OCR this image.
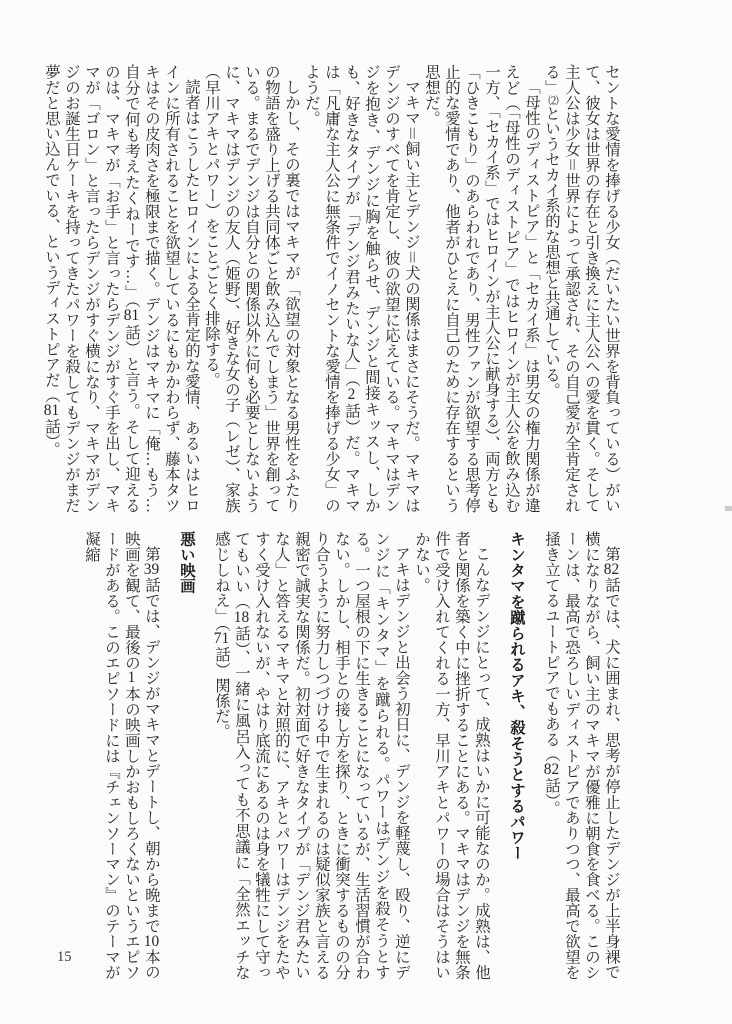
セントな愛情を捧げる少女（だいたい世界を背負っている）がいて、彼女は世界の存在と引き換えに主人公への愛を貫く。そして主人公は少女＝世界によって承認され、その自己愛が全肯定される」⑵というセカイ系的な思想と共通している。

「母性のディストピア」と「セカイ系」は男女の権力関係が違えど（「母性のディストピア」ではヒロインが主人公を飲み込む一方、「セカイ系」ではヒロインが主人公に献身する）、両方とも「ひきこもり」のあらわれであり、男性ファンが欲望する思考停止的な愛情であり、他者がひとえに自己のために存在するという思想だ。

マキマ＝飼い主とデンジ＝犬の関係はまさにそうだ。マキマはデンジのすべてを肯定し、彼の欲望に応えている。マキマはデンジを抱き、デンジに胸を触らせ、デンジと間接キッスし、しかも、好きなタイプが「デンジ君みたいな人」（2話）だ。マキマは「凡庸な主人公に無条件でイノセントな愛情を捧げる少女」のようだ。

しかし、その裏ではマキマが「欲望の対象となる男性をふたりの物語を盛り上げる共同体ごと飲み込んでしまう」世界を創っている。まるでデンジは自分との関係以外に何も必要としないように、マキマはデンジの友人（姫野）、好きな女の子（レゼ）、家族（早川アキとパワー）をことごとく排除する。

読者はこうしたヒロインによる全肯定的な愛情、あるいはヒロインに所有されることを欲望しているにもかかわらず、藤本タツキはその皮肉さを極限まで描く。デンジはマキマに「俺…もう…自分で何も考えたくねーです…」（81話）と言う。そして迎えるのは、マキマが「お手」と言ったらデンジがすぐ手を出し、マキマが「ゴロン」と言ったらデンジがすぐ横になり、マキマがデンジのお誕生日ケーキを持ってきたパワーを殺してもデンジがまだ夢だと思い込んでいる、というディストピアだ（81話）。

第82話では、犬に囲まれ、思考が停止したデンジが上半身裸で横になりながら、飼い主のマキマが優雅に朝食を食べる。このシーンは、最高で恐ろしいディストピアでありつつ、最高で欲望を掻き立てるユートピアでもある（82話）。

キンタマを蹴られるアキ、殺そうとするパワー

こんなデンジにとって、成熟はいかに可能なのか。成熟は、他者と関係を築く中に挫折することにある。マキマはデンジを無条件で受け入れてくれる一方、早川アキとパワーの場合はそうはいかない。

アキはデンジと出会う初日に、デンジを軽蔑し、殴り、逆にデンジに「キンタマ」を蹴られる。パワーはデンジを殺そうとする。一つ屋根の下に生きることになっているが、生活習慣が合わない。しかし、相手との接し方を探り、ときに衝突するものの分り合うように努力しつづける中で生まれるのは疑似家族と言える親密で誠実な関係だ。初対面で好きなタイプが「デンジ君みたいな人」と答えるマキマと対照的に、アキとパワーはデンジをたやすく受け入れないが、やはり底流にあるのは身を犠牲にして守ってもいい（18話）、一緒に風呂入っても不思議に「全然エッチな感じしねえ」（71話）関係だ。

悪い映画

第39話では、デンジがマキマとデートし、朝から晩まで10本の映画を観て、最後の1本の映画しかおもしろくないというエピソードがある。このエピソードには『チェンソーマン』のテーマが凝縮

15
